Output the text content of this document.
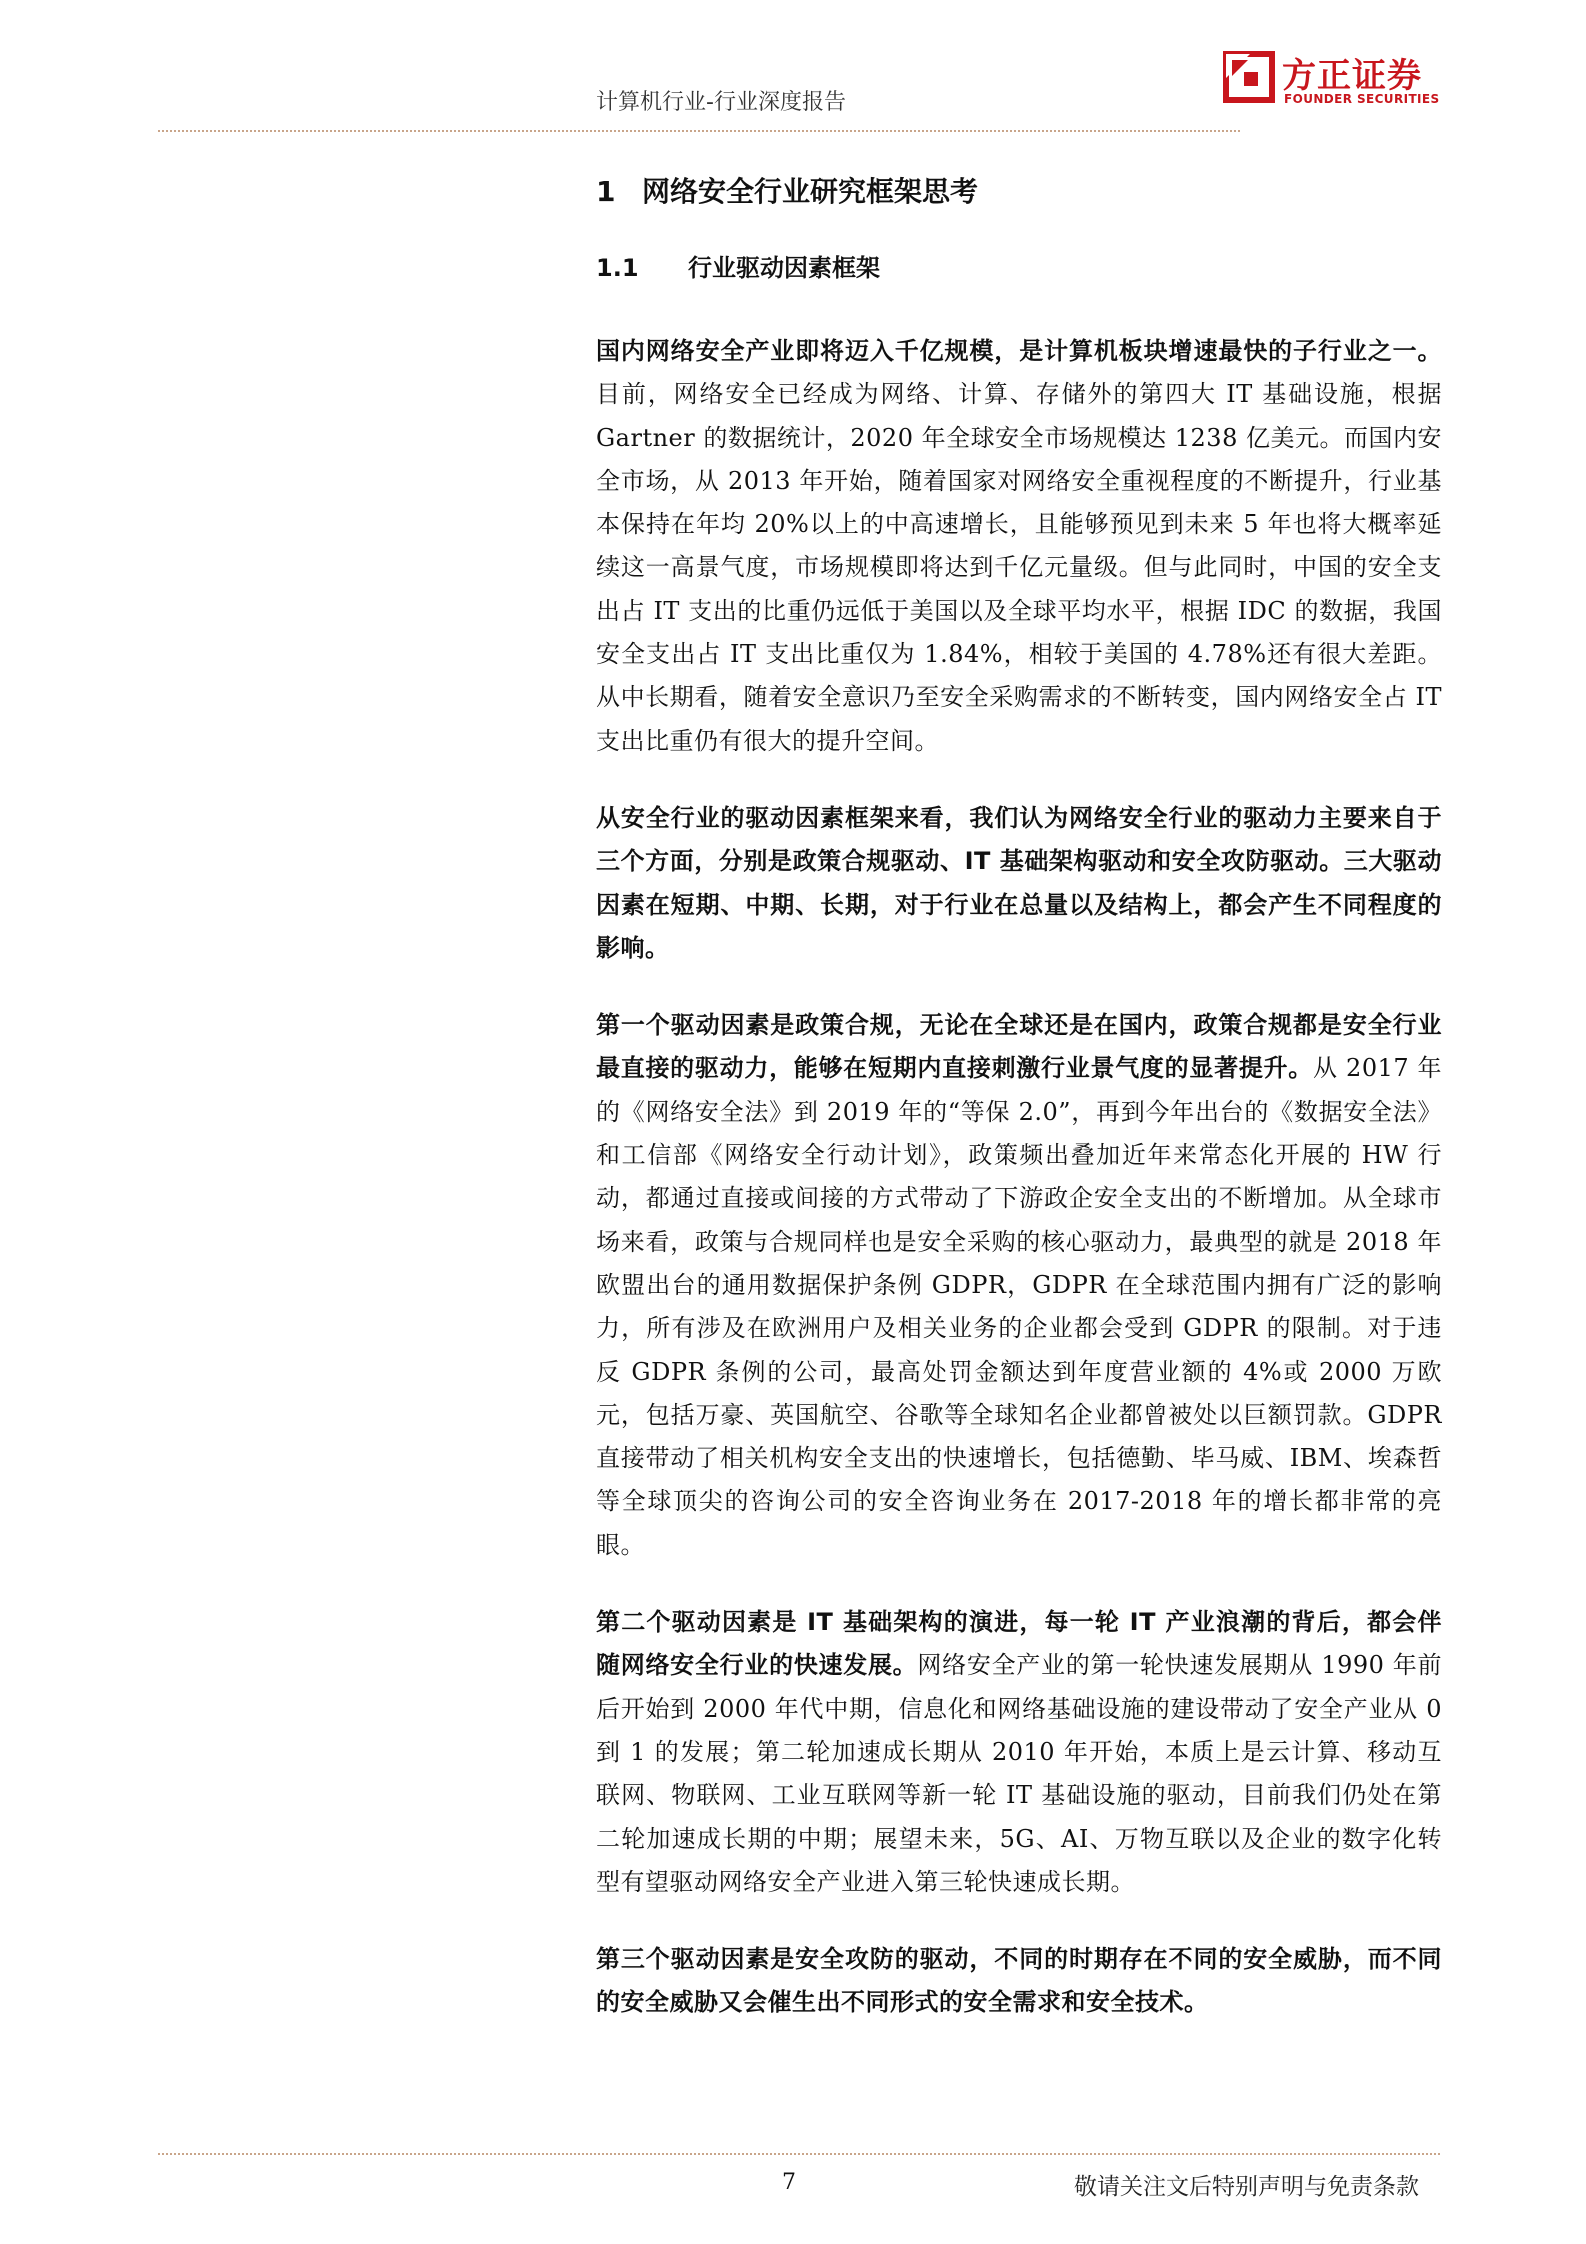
计算机行业-行业深度报告
方正证券
FOUNDER SECURITIES
1 网络安全行业研究框架思考
1.1 行业驱动因素框架

国内网络安全产业即将迈入千亿规模，是计算机板块增速最快的子行业之一。目前，网络安全已经成为网络、计算、存储外的第四大 IT 基础设施，根据 Gartner 的数据统计，2020 年全球安全市场规模达 1238 亿美元。而国内安全市场，从 2013 年开始，随着国家对网络安全重视程度的不断提升，行业基本保持在年均 20%以上的中高速增长，且能够预见到未来 5 年也将大概率延续这一高景气度，市场规模即将达到千亿元量级。但与此同时，中国的安全支出占 IT 支出的比重仍远低于美国以及全球平均水平，根据 IDC 的数据，我国安全支出占 IT 支出比重仅为 1.84%，相较于美国的 4.78%还有很大差距。从中长期看，随着安全意识乃至安全采购需求的不断转变，国内网络安全占 IT 支出比重仍有很大的提升空间。

从安全行业的驱动因素框架来看，我们认为网络安全行业的驱动力主要来自于三个方面，分别是政策合规驱动、IT 基础架构驱动和安全攻防驱动。三大驱动因素在短期、中期、长期，对于行业在总量以及结构上，都会产生不同程度的影响。

第一个驱动因素是政策合规，无论在全球还是在国内，政策合规都是安全行业最直接的驱动力，能够在短期内直接刺激行业景气度的显著提升。从 2017 年的《网络安全法》到 2019 年的“等保 2.0”，再到今年出台的《数据安全法》和工信部《网络安全行动计划》，政策频出叠加近年来常态化开展的 HW 行动，都通过直接或间接的方式带动了下游政企安全支出的不断增加。从全球市场来看，政策与合规同样也是安全采购的核心驱动力，最典型的就是 2018 年欧盟出台的通用数据保护条例 GDPR，GDPR 在全球范围内拥有广泛的影响力，所有涉及在欧洲用户及相关业务的企业都会受到 GDPR 的限制。对于违反 GDPR 条例的公司，最高处罚金额达到年度营业额的 4%或 2000 万欧元，包括万豪、英国航空、谷歌等全球知名企业都曾被处以巨额罚款。GDPR 直接带动了相关机构安全支出的快速增长，包括德勤、毕马威、IBM、埃森哲等全球顶尖的咨询公司的安全咨询业务在 2017-2018 年的增长都非常的亮眼。

第二个驱动因素是 IT 基础架构的演进，每一轮 IT 产业浪潮的背后，都会伴随网络安全行业的快速发展。网络安全产业的第一轮快速发展期从 1990 年前后开始到 2000 年代中期，信息化和网络基础设施的建设带动了安全产业从 0 到 1 的发展；第二轮加速成长期从 2010 年开始，本质上是云计算、移动互联网、物联网、工业互联网等新一轮 IT 基础设施的驱动，目前我们仍处在第二轮加速成长期的中期；展望未来，5G、AI、万物互联以及企业的数字化转型有望驱动网络安全产业进入第三轮快速成长期。

第三个驱动因素是安全攻防的驱动，不同的时期存在不同的安全威胁，而不同的安全威胁又会催生出不同形式的安全需求和安全技术。

7	敬请关注文后特别声明与免责条款
